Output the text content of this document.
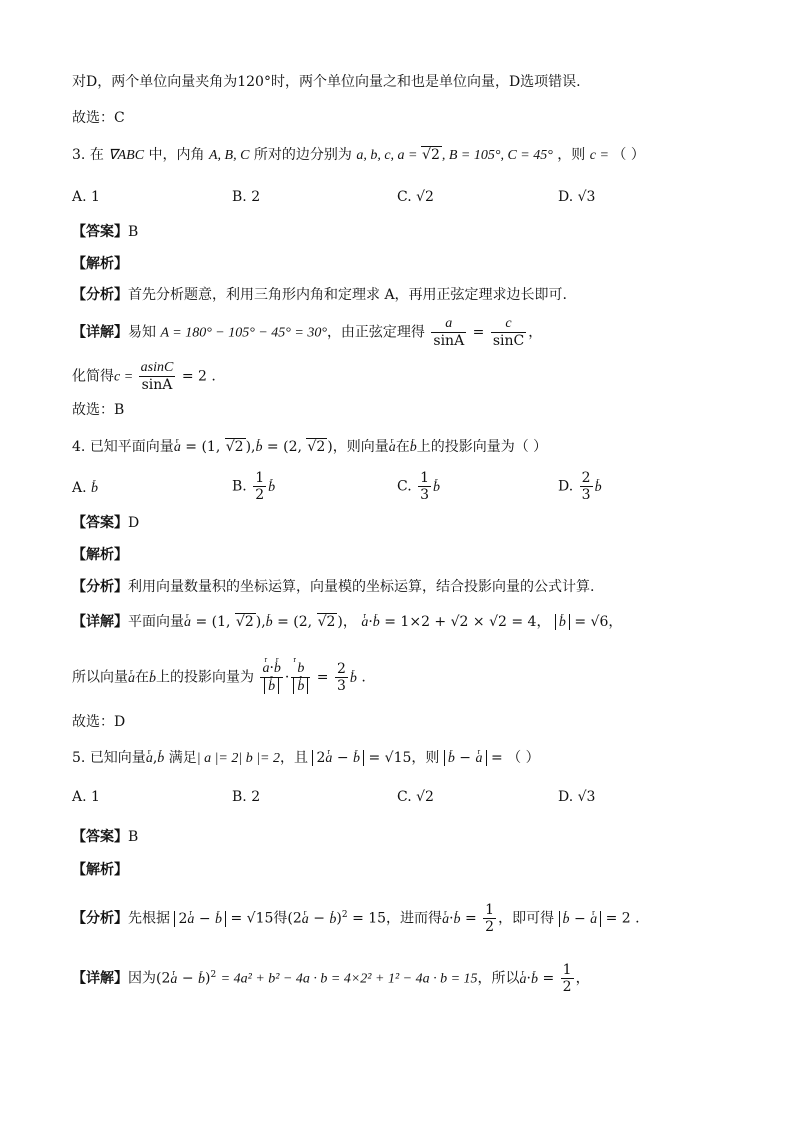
对D，两个单位向量夹角为120°时，两个单位向量之和也是单位向量，D选项错误.
故选：C
3. 在 ∇ABC 中，内角 A, B, C 所对的边分别为 a, b, c, a = √ 2 , B = 105°, C = 45° ，则 c = （ ）
A. 1	B. 2	C. √2	D. √3
【答案】B
【解析】
【分析】首先分析题意，利用三角形内角和定理求 A，再用正弦定理求边长即可.
【详解】易知 A = 180° − 105° − 45° = 30°，由正弦定理得 $\frac{a}{\sin A} = \frac{c}{\sin C}$ ，
化简得$c = \frac{asinC}{\sin A} = 2$ .
故选：B
4. 已知平面向量r a = (1, √ 2 ),r b = (2, √ 2 )，则向量r a在r b上的投影向量为（ ）
A. r b	B. $\frac{1}{2}$ r b	C. $\frac{1}{3}$ r b	D. $\frac{2}{3}$ r b
【答案】D
【解析】
【分析】利用向量数量积的坐标运算，向量模的坐标运算，结合投影向量的公式计算.
【详解】平面向量r a = (1, √ 2 ),r b = (2, √ 2 )， r a·r b = 1×2 + √2 × √2 = 4， r b = √6，
所以向量r a在r b上的投影向量为 r a·r b
r b · r b
r $b = \frac{2}{3}$ r b .
故选：D
5. 已知向量r a,r b 满足| a |= 2| b |= 2，且 2r a − r b = √15，则 r b − r a = （ ）
A. 1	B. 2	C. √2	D. √3
【答案】B
【解析】
【分析】先根据 2r a − r b = √15得(2r a − r b)$^2$ = 15，进而得r a·r $b = \frac{1}{2}$ ，即可得 r b − r a = 2 .
【详解】因为(2r a − r b)$^2$ = 4a² + b² − 4a · b = 4×2² + 1² − 4a · b = 15，所以r a·r $b = \frac{1}{2}$ ，
